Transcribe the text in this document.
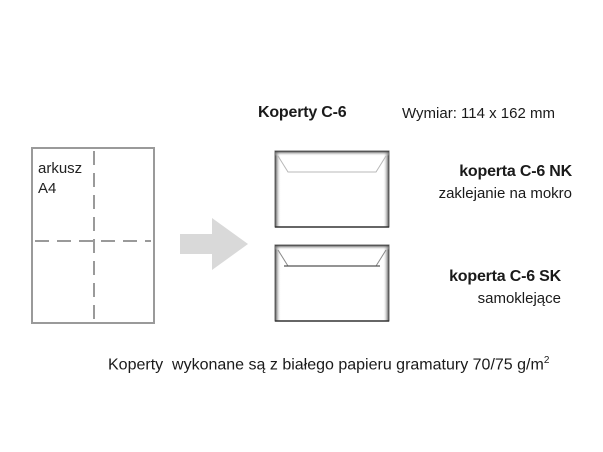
arkusz
A4
Koperty C-6	Wymiar: 114 x 162 mm
koperta C-6 NK
zaklejanie na mokro
koperta C-6 SK
samoklejące
Koperty  wykonane są z białego papieru gramatury 70/75 $g/m^2$
